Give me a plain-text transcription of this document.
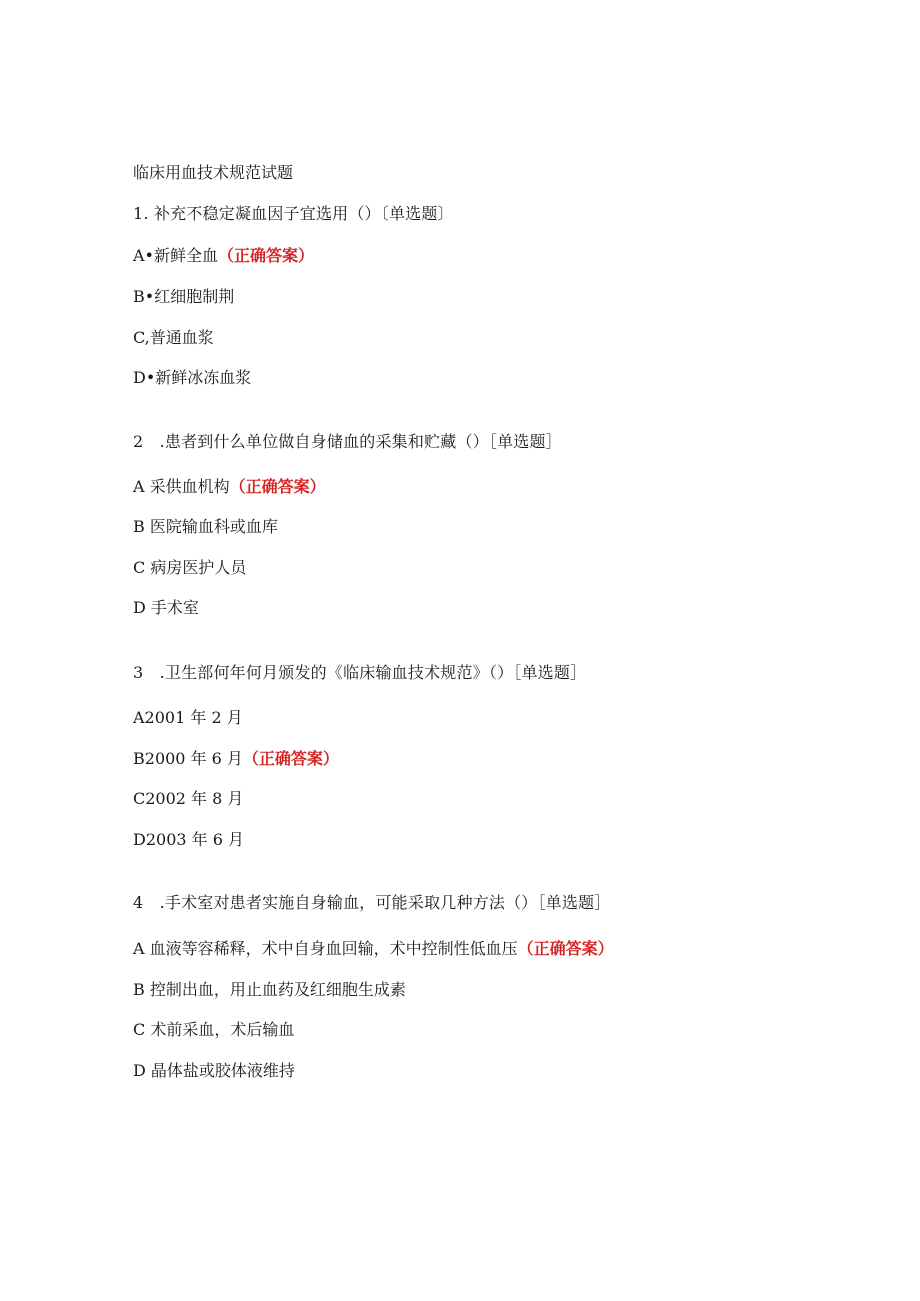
临床用血技术规范试题
1. 补充不稳定凝血因子宜选用（）〔单选题〕
A•新鲜全血（正确答案）
B•红细胞制荆
C,普通血浆
D•新鲜冰冻血浆
2　.患者到什么单位做自身储血的采集和贮藏（）［单选题］
A 采供血机构（正确答案）
B 医院输血科或血库
C 病房医护人员
D 手术室
3　.卫生部何年何月颁发的《临床输血技术规范》（）［单选题］
A2001 年 2 月
B2000 年 6 月（正确答案）
C2002 年 8 月
D2003 年 6 月
4　.手术室对患者实施自身输血，可能采取几种方法（）［单选题］
A 血液等容稀释，术中自身血回输，术中控制性低血压（正确答案）
B 控制出血，用止血药及红细胞生成素
C 术前采血，术后输血
D 晶体盐或胶体液维持
